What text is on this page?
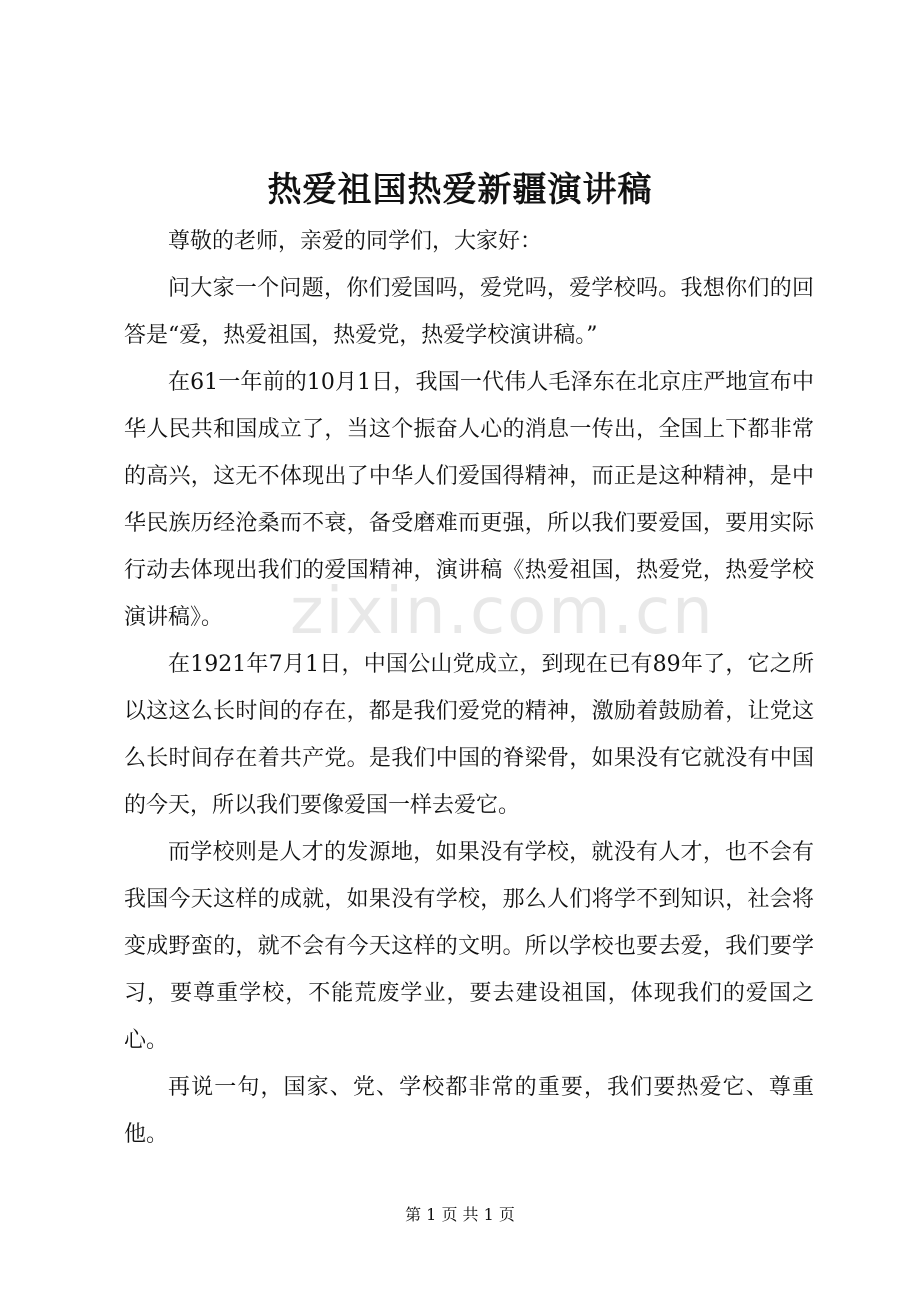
zixin.com.cn
热爱祖国热爱新疆演讲稿

尊敬的老师，亲爱的同学们，大家好：

问大家一个问题，你们爱国吗，爱党吗，爱学校吗。我想你们的回答是“爱，热爱祖国，热爱党，热爱学校演讲稿。”

在61一年前的10月1日，我国一代伟人毛泽东在北京庄严地宣布中华人民共和国成立了，当这个振奋人心的消息一传出，全国上下都非常的高兴，这无不体现出了中华人们爱国得精神，而正是这种精神，是中华民族历经沧桑而不衰，备受磨难而更强，所以我们要爱国，要用实际行动去体现出我们的爱国精神，演讲稿《热爱祖国，热爱党，热爱学校演讲稿》。

在1921年7月1日，中国公山党成立，到现在已有89年了，它之所以这这么长时间的存在，都是我们爱党的精神，激励着鼓励着，让党这么长时间存在着共产党。是我们中国的脊梁骨，如果没有它就没有中国的今天，所以我们要像爱国一样去爱它。

而学校则是人才的发源地，如果没有学校，就没有人才，也不会有我国今天这样的成就，如果没有学校，那么人们将学不到知识，社会将变成野蛮的，就不会有今天这样的文明。所以学校也要去爱，我们要学习，要尊重学校，不能荒废学业，要去建设祖国，体现我们的爱国之心。

再说一句，国家、党、学校都非常的重要，我们要热爱它、尊重他。

第 1 页 共 1 页
